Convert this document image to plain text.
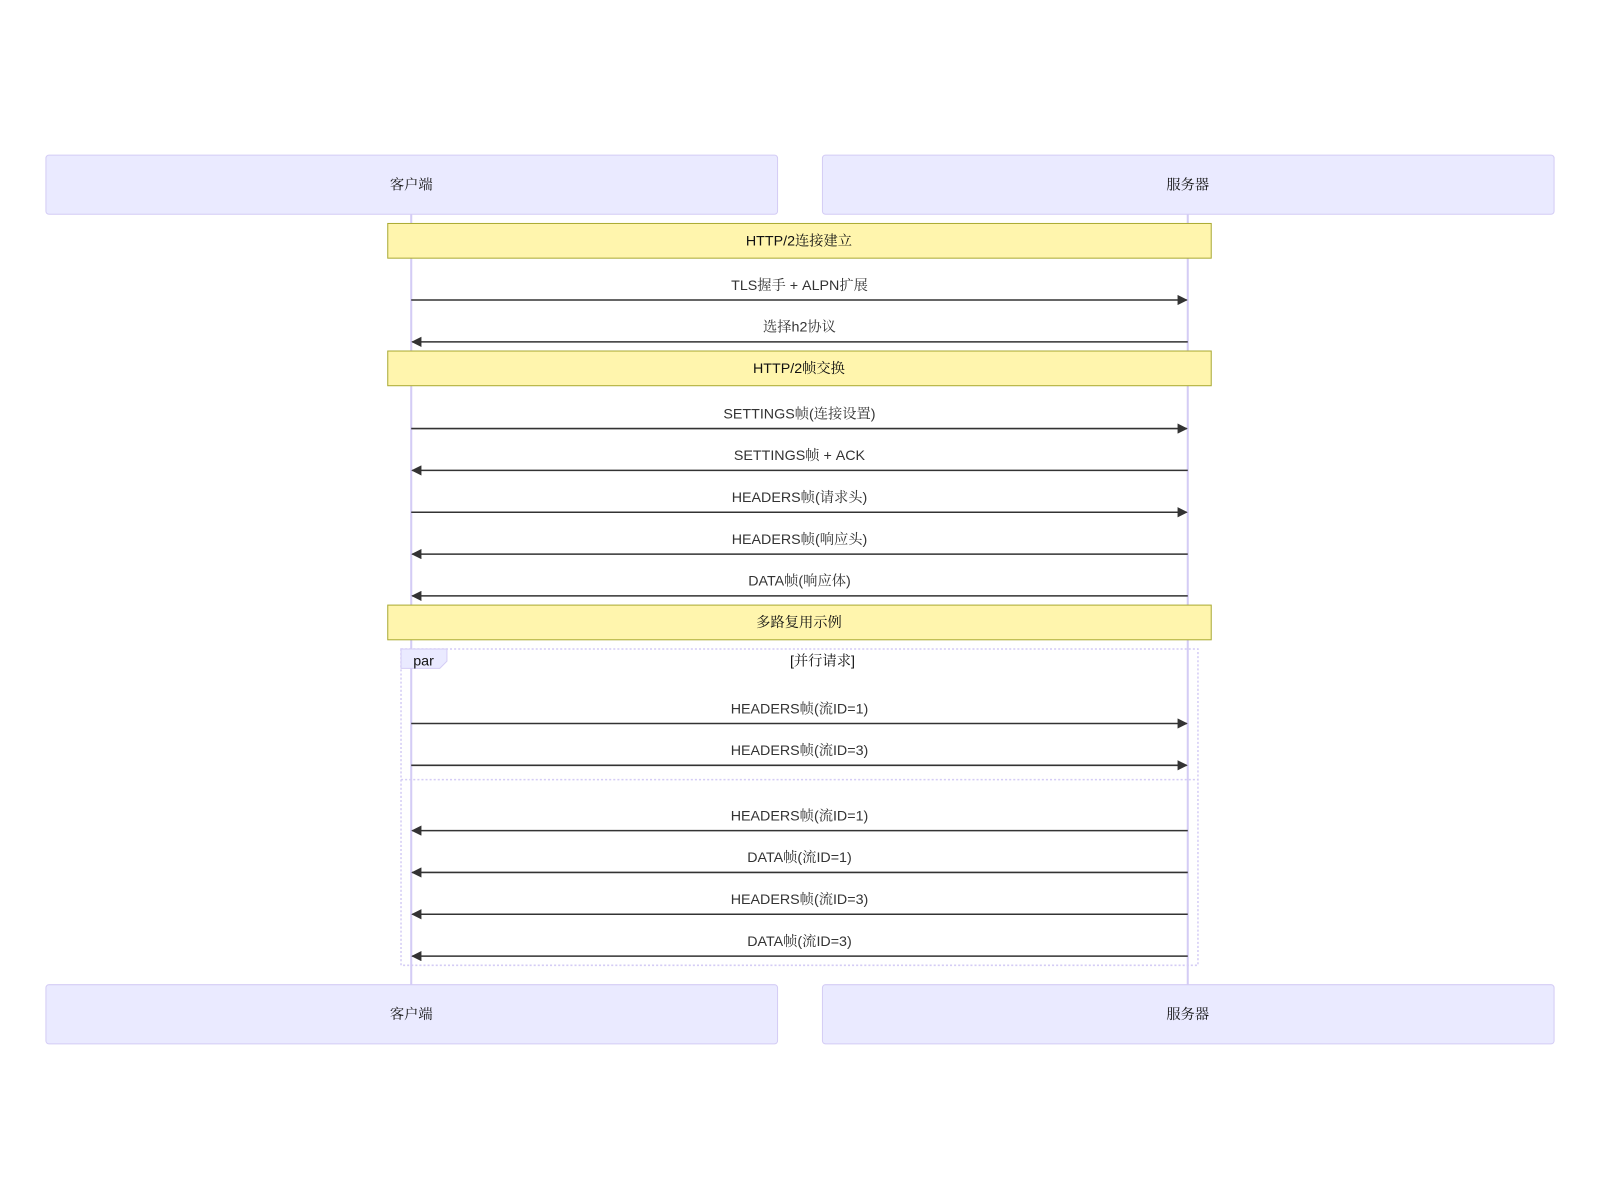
par	[并行请求]
客户端
客户端
服务器
服务器
HTTP/2连接建立
HTTP/2帧交换
多路复用示例
TLS握手 + ALPN扩展
选择h2协议
SETTINGS帧(连接设置)
SETTINGS帧 + ACK
HEADERS帧(请求头)
HEADERS帧(响应头)
DATA帧(响应体)
HEADERS帧(流ID=1)
HEADERS帧(流ID=3)
HEADERS帧(流ID=1)
DATA帧(流ID=1)
HEADERS帧(流ID=3)
DATA帧(流ID=3)
